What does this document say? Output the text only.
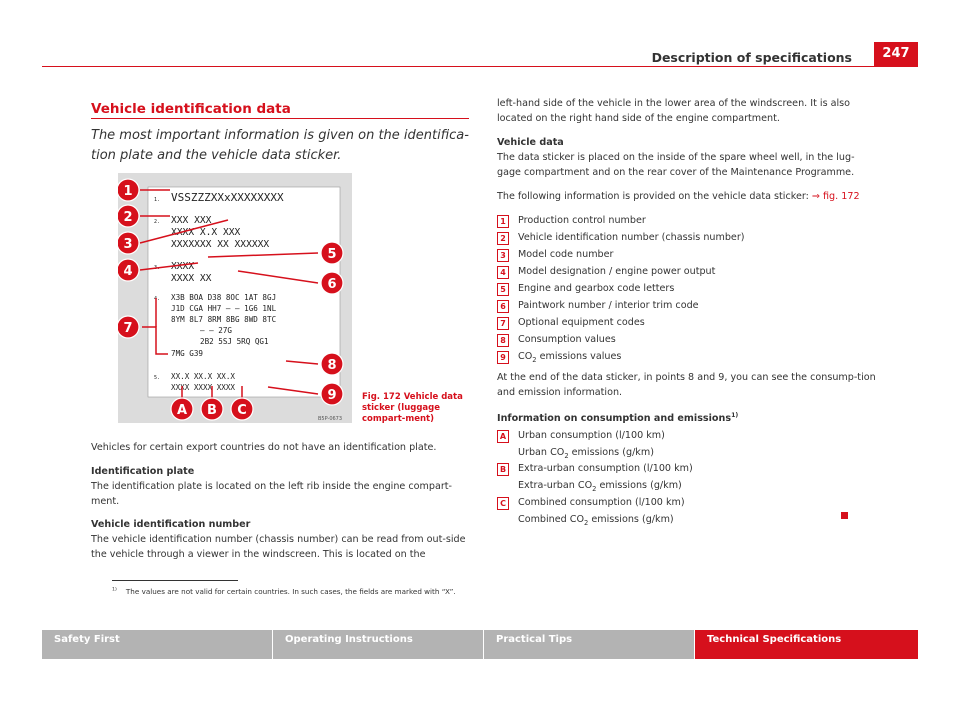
Description of specifications	247
Vehicle identification data
The most important information is given on the identifica-tion plate and the vehicle data sticker.
1. VSSZZZXXxXXXXXXXX
2. XXX XXX
XXXX X.X XXX
XXXXXXX XX XXXXXX
3. XXXX
XXXX XX
4. X3B BOA D38 8OC 1AT 8GJ
J1D CGA HH7 — — 1G6 1NL
8YM 8L7 8RM 8BG 8WD 8TC
— — 27G
2B2 5SJ 5RQ QG1
7MG G39
5. XX.X XX.X XX.X
XXXX XXXX XXXX
1
2
3
4
5
6
7
8
9
A B C
B5P-0673
Fig. 172 Vehicle data sticker (luggage compart-ment)
Vehicles for certain export countries do not have an identification plate.
Identification plate
The identification plate is located on the left rib inside the engine compart-ment.
Vehicle identification number
The vehicle identification number (chassis number) can be read from out-side the vehicle through a viewer in the windscreen. This is located on the
left-hand side of the vehicle in the lower area of the windscreen. It is also located on the right hand side of the engine compartment.
Vehicle data
The data sticker is placed on the inside of the spare wheel well, in the lug-gage compartment and on the rear cover of the Maintenance Programme.
The following information is provided on the vehicle data sticker: ⇒ fig. 172
1	Production control number
2	Vehicle identification number (chassis number)
3	Model code number
4	Model designation / engine power output
5	Engine and gearbox code letters
6	Paintwork number / interior trim code
7	Optional equipment codes
8	Consumption values
9	$CO_2$ emissions values
At the end of the data sticker, in points 8 and 9, you can see the consump-tion and emission information.
Information on consumption and emissions$^{1)}$
A	Urban consumption (l/100 km)
Urban $CO_2$ emissions (g/km)
B	Extra-urban consumption (l/100 km)
Extra-urban $CO_2$ emissions (g/km)
C	Combined consumption (l/100 km)
Combined $CO_2$ emissions (g/km)
$^{1)}$ The values are not valid for certain countries. In such cases, the fields are marked with “X”.
Safety First	Operating Instructions	Practical Tips	Technical Specifications
